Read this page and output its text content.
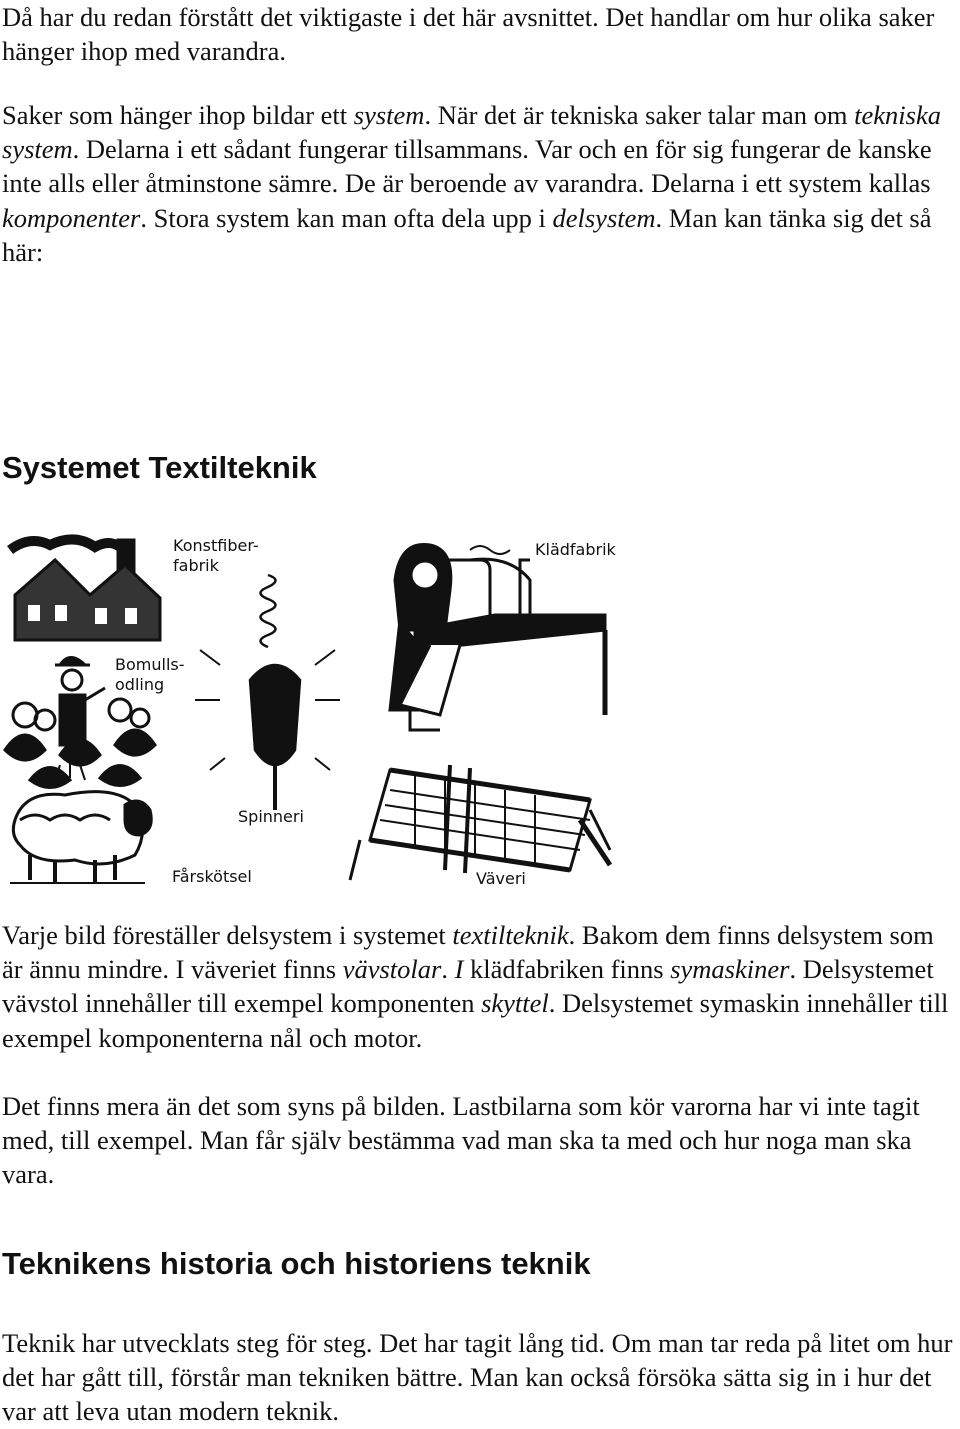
Då har du redan förstått det viktigaste i det här avsnittet. Det handlar om hur olika saker hänger ihop med varandra.

Saker som hänger ihop bildar ett system. När det är tekniska saker talar man om tekniska system. Delarna i ett sådant fungerar tillsammans. Var och en för sig fungerar de kanske inte alls eller åtminstone sämre. De är beroende av varandra. Delarna i ett system kallas komponenter. Stora system kan man ofta dela upp i delsystem. Man kan tänka sig det så här:

Systemet Textilteknik
Konstfiber-
fabrik
Klädfabrik
Bomulls-
odling
Spinneri
Fårskötsel	Väveri

Varje bild föreställer delsystem i systemet textilteknik. Bakom dem finns delsystem som är ännu mindre. I väveriet finns vävstolar. I klädfabriken finns symaskiner. Delsystemet vävstol innehåller till exempel komponenten skyttel. Delsystemet symaskin innehåller till exempel komponenterna nål och motor.

Det finns mera än det som syns på bilden. Lastbilarna som kör varorna har vi inte tagit med, till exempel. Man får själv bestämma vad man ska ta med och hur noga man ska vara.

Teknikens historia och historiens teknik

Teknik har utvecklats steg för steg. Det har tagit lång tid. Om man tar reda på litet om hur det har gått till, förstår man tekniken bättre. Man kan också försöka sätta sig in i hur det var att leva utan modern teknik.
